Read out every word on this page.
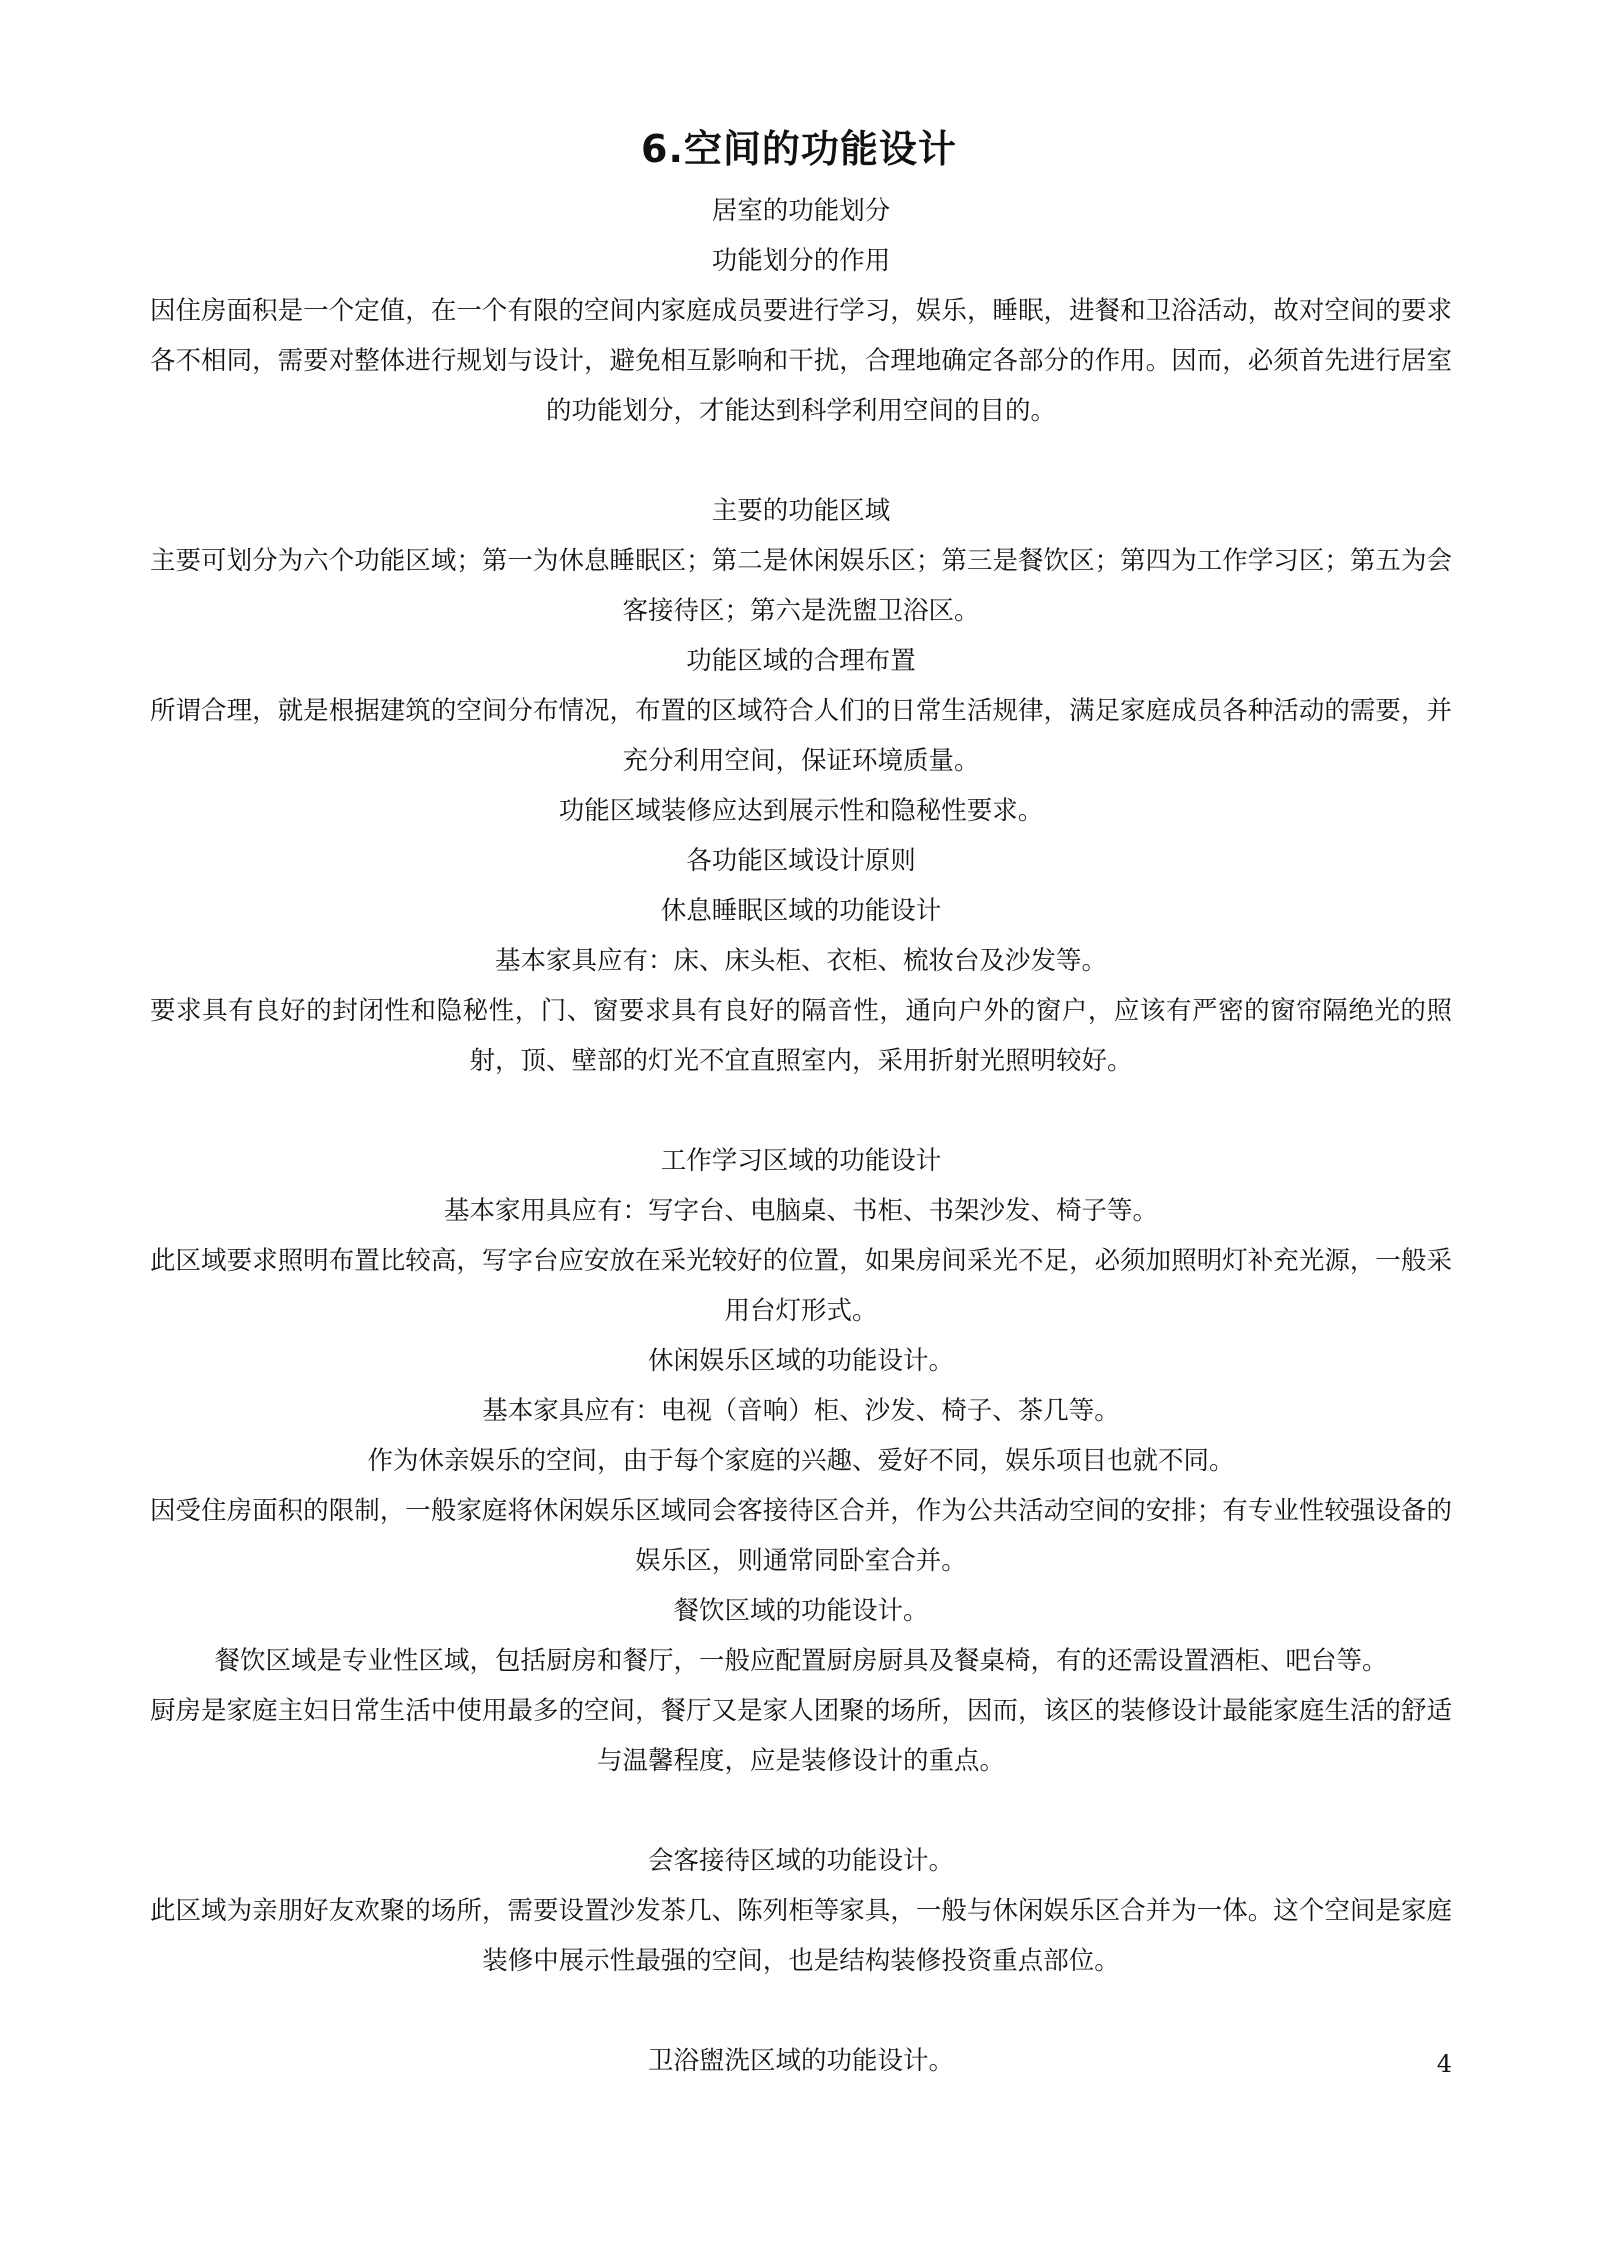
6.空间的功能设计

居室的功能划分

功能划分的作用

因住房面积是一个定值，在一个有限的空间内家庭成员要进行学习，娱乐，睡眠，进餐和卫浴活动，故对空间的要求各不相同，需要对整体进行规划与设计，避免相互影响和干扰，合理地确定各部分的作用。因而，必须首先进行居室的功能划分，才能达到科学利用空间的目的。

主要的功能区域

主要可划分为六个功能区域；第一为休息睡眠区；第二是休闲娱乐区；第三是餐饮区；第四为工作学习区；第五为会客接待区；第六是洗盥卫浴区。

功能区域的合理布置

所谓合理，就是根据建筑的空间分布情况，布置的区域符合人们的日常生活规律，满足家庭成员各种活动的需要，并充分利用空间，保证环境质量。

功能区域装修应达到展示性和隐秘性要求。

各功能区域设计原则

休息睡眠区域的功能设计

基本家具应有：床、床头柜、衣柜、梳妆台及沙发等。

要求具有良好的封闭性和隐秘性，门、窗要求具有良好的隔音性，通向户外的窗户，应该有严密的窗帘隔绝光的照射，顶、壁部的灯光不宜直照室内，采用折射光照明较好。

工作学习区域的功能设计

基本家用具应有：写字台、电脑桌、书柜、书架沙发、椅子等。

此区域要求照明布置比较高，写字台应安放在采光较好的位置，如果房间采光不足，必须加照明灯补充光源，一般采用台灯形式。

休闲娱乐区域的功能设计。

基本家具应有：电视（音响）柜、沙发、椅子、茶几等。

作为休亲娱乐的空间，由于每个家庭的兴趣、爱好不同，娱乐项目也就不同。

因受住房面积的限制，一般家庭将休闲娱乐区域同会客接待区合并，作为公共活动空间的安排；有专业性较强设备的娱乐区，则通常同卧室合并。

餐饮区域的功能设计。

餐饮区域是专业性区域，包括厨房和餐厅，一般应配置厨房厨具及餐桌椅，有的还需设置酒柜、吧台等。

厨房是家庭主妇日常生活中使用最多的空间，餐厅又是家人团聚的场所，因而，该区的装修设计最能家庭生活的舒适与温馨程度，应是装修设计的重点。

会客接待区域的功能设计。

此区域为亲朋好友欢聚的场所，需要设置沙发茶几、陈列柜等家具，一般与休闲娱乐区合并为一体。这个空间是家庭装修中展示性最强的空间，也是结构装修投资重点部位。

卫浴盥洗区域的功能设计。	4
